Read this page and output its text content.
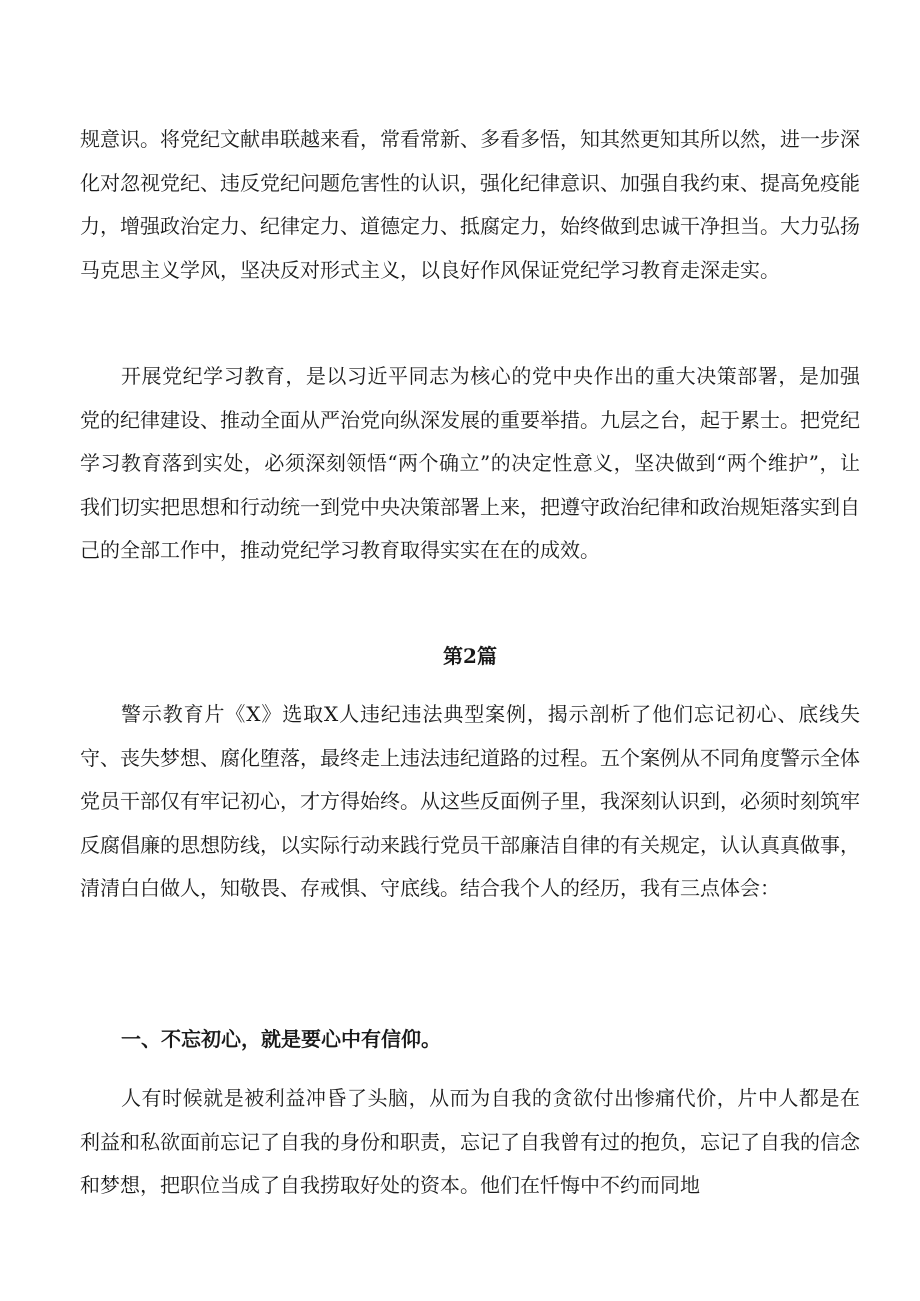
规意识。将党纪文献串联越来看，常看常新、多看多悟，知其然更知其所以然，进一步深化对忽视党纪、违反党纪问题危害性的认识，强化纪律意识、加强自我约束、提高免疫能力，增强政治定力、纪律定力、道德定力、抵腐定力，始终做到忠诚干净担当。大力弘扬马克思主义学风，坚决反对形式主义，以良好作风保证党纪学习教育走深走实。

开展党纪学习教育，是以习近平同志为核心的党中央作出的重大决策部署，是加强党的纪律建设、推动全面从严治党向纵深发展的重要举措。九层之台，起于累士。把党纪学习教育落到实处，必须深刻领悟“两个确立”的决定性意义，坚决做到“两个维护”，让我们切实把思想和行动统一到党中央决策部署上来，把遵守政治纪律和政治规矩落实到自己的全部工作中，推动党纪学习教育取得实实在在的成效。

第2篇

警示教育片《X》选取X人违纪违法典型案例，揭示剖析了他们忘记初心、底线失守、丧失梦想、腐化堕落，最终走上违法违纪道路的过程。五个案例从不同角度警示全体党员干部仅有牢记初心，才方得始终。从这些反面例子里，我深刻认识到，必须时刻筑牢反腐倡廉的思想防线，以实际行动来践行党员干部廉洁自律的有关规定，认认真真做事，清清白白做人，知敬畏、存戒惧、守底线。结合我个人的经历，我有三点体会：

一、不忘初心，就是要心中有信仰。

人有时候就是被利益冲昏了头脑，从而为自我的贪欲付出惨痛代价，片中人都是在利益和私欲面前忘记了自我的身份和职责，忘记了自我曾有过的抱负，忘记了自我的信念和梦想，把职位当成了自我捞取好处的资本。他们在忏悔中不约而同地
